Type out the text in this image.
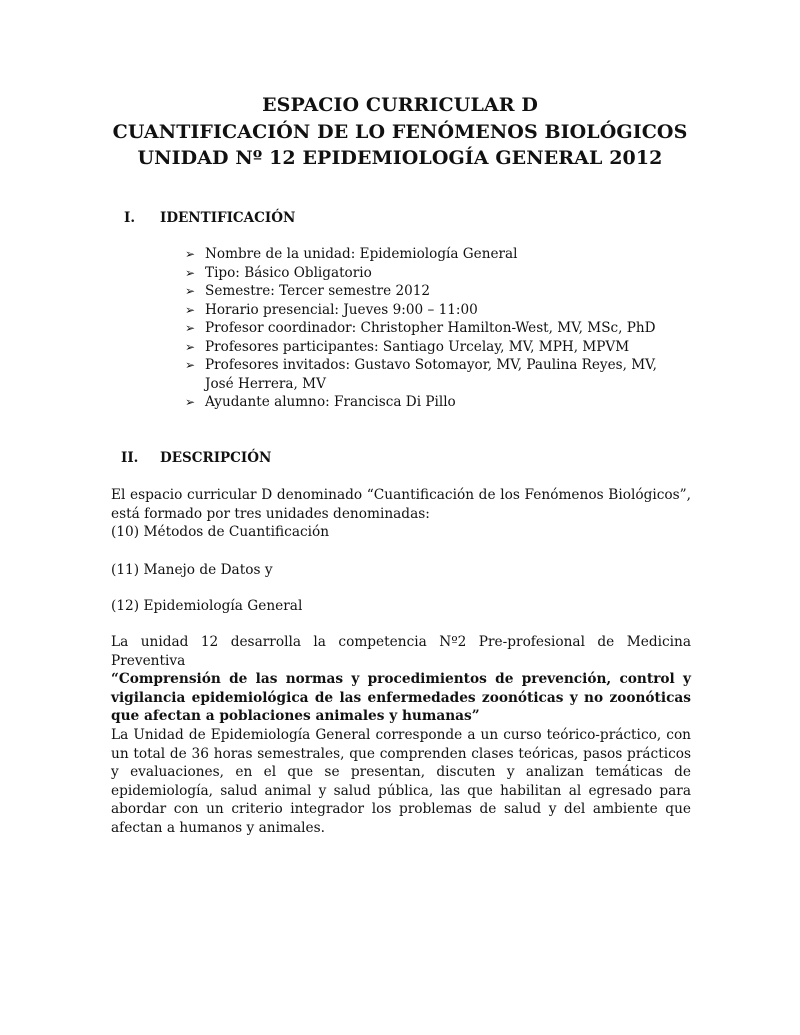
ESPACIO CURRICULAR D
CUANTIFICACIÓN DE LO FENÓMENOS BIOLÓGICOS
UNIDAD Nº 12 EPIDEMIOLOGÍA GENERAL 2012
I. IDENTIFICACIÓN
➢ Nombre de la unidad: Epidemiología General
➢ Tipo: Básico Obligatorio
➢ Semestre: Tercer semestre 2012
➢ Horario presencial: Jueves 9:00 – 11:00
➢ Profesor coordinador: Christopher Hamilton-West, MV, MSc, PhD
➢ Profesores participantes: Santiago Urcelay, MV, MPH, MPVM
➢ Profesores invitados: Gustavo Sotomayor, MV, Paulina Reyes, MV, José Herrera, MV
➢ Ayudante alumno: Francisca Di Pillo
II. DESCRIPCIÓN
El espacio curricular D denominado “Cuantificación de los Fenómenos Biológicos”, está formado por tres unidades denominadas:
(10) Métodos de Cuantificación
(11) Manejo de Datos y
(12) Epidemiología General
La unidad 12 desarrolla la competencia Nº2 Pre-profesional de Medicina Preventiva
“Comprensión de las normas y procedimientos de prevención, control y vigilancia epidemiológica de las enfermedades zoonóticas y no zoonóticas que afectan a poblaciones animales y humanas”
La Unidad de Epidemiología General corresponde a un curso teórico-práctico, con un total de 36 horas semestrales, que comprenden clases teóricas, pasos prácticos y evaluaciones, en el que se presentan, discuten y analizan temáticas de epidemiología, salud animal y salud pública, las que habilitan al egresado para abordar con un criterio integrador los problemas de salud y del ambiente que afectan a humanos y animales.
